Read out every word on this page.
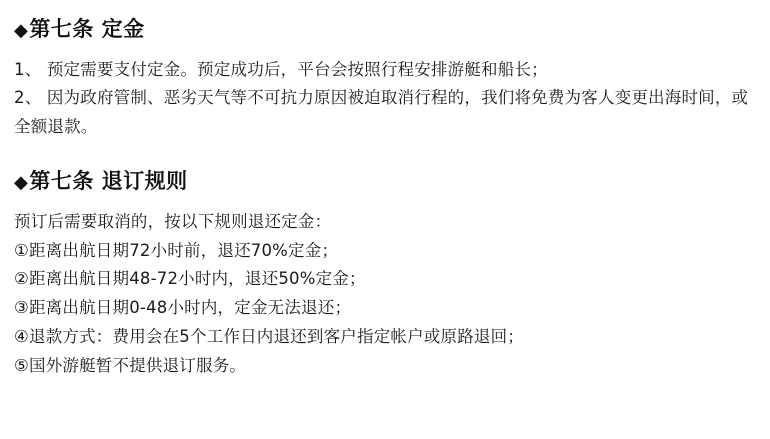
◆ 第七条 定金

1、 预定需要支付定金。预定成功后，平台会按照行程安排游艇和船长；

2、 因为政府管制、恶劣天气等不可抗力原因被迫取消行程的，我们将免费为客人变更出海时间，或全额退款。

◆ 第七条 退订规则

预订后需要取消的，按以下规则退还定金：

①距离出航日期72小时前，退还70%定金；
②距离出航日期48-72小时内，退还50%定金；
③距离出航日期0-48小时内，定金无法退还；
④退款方式：费用会在5个工作日内退还到客户指定帐户或原路退回；
⑤国外游艇暂不提供退订服务。
